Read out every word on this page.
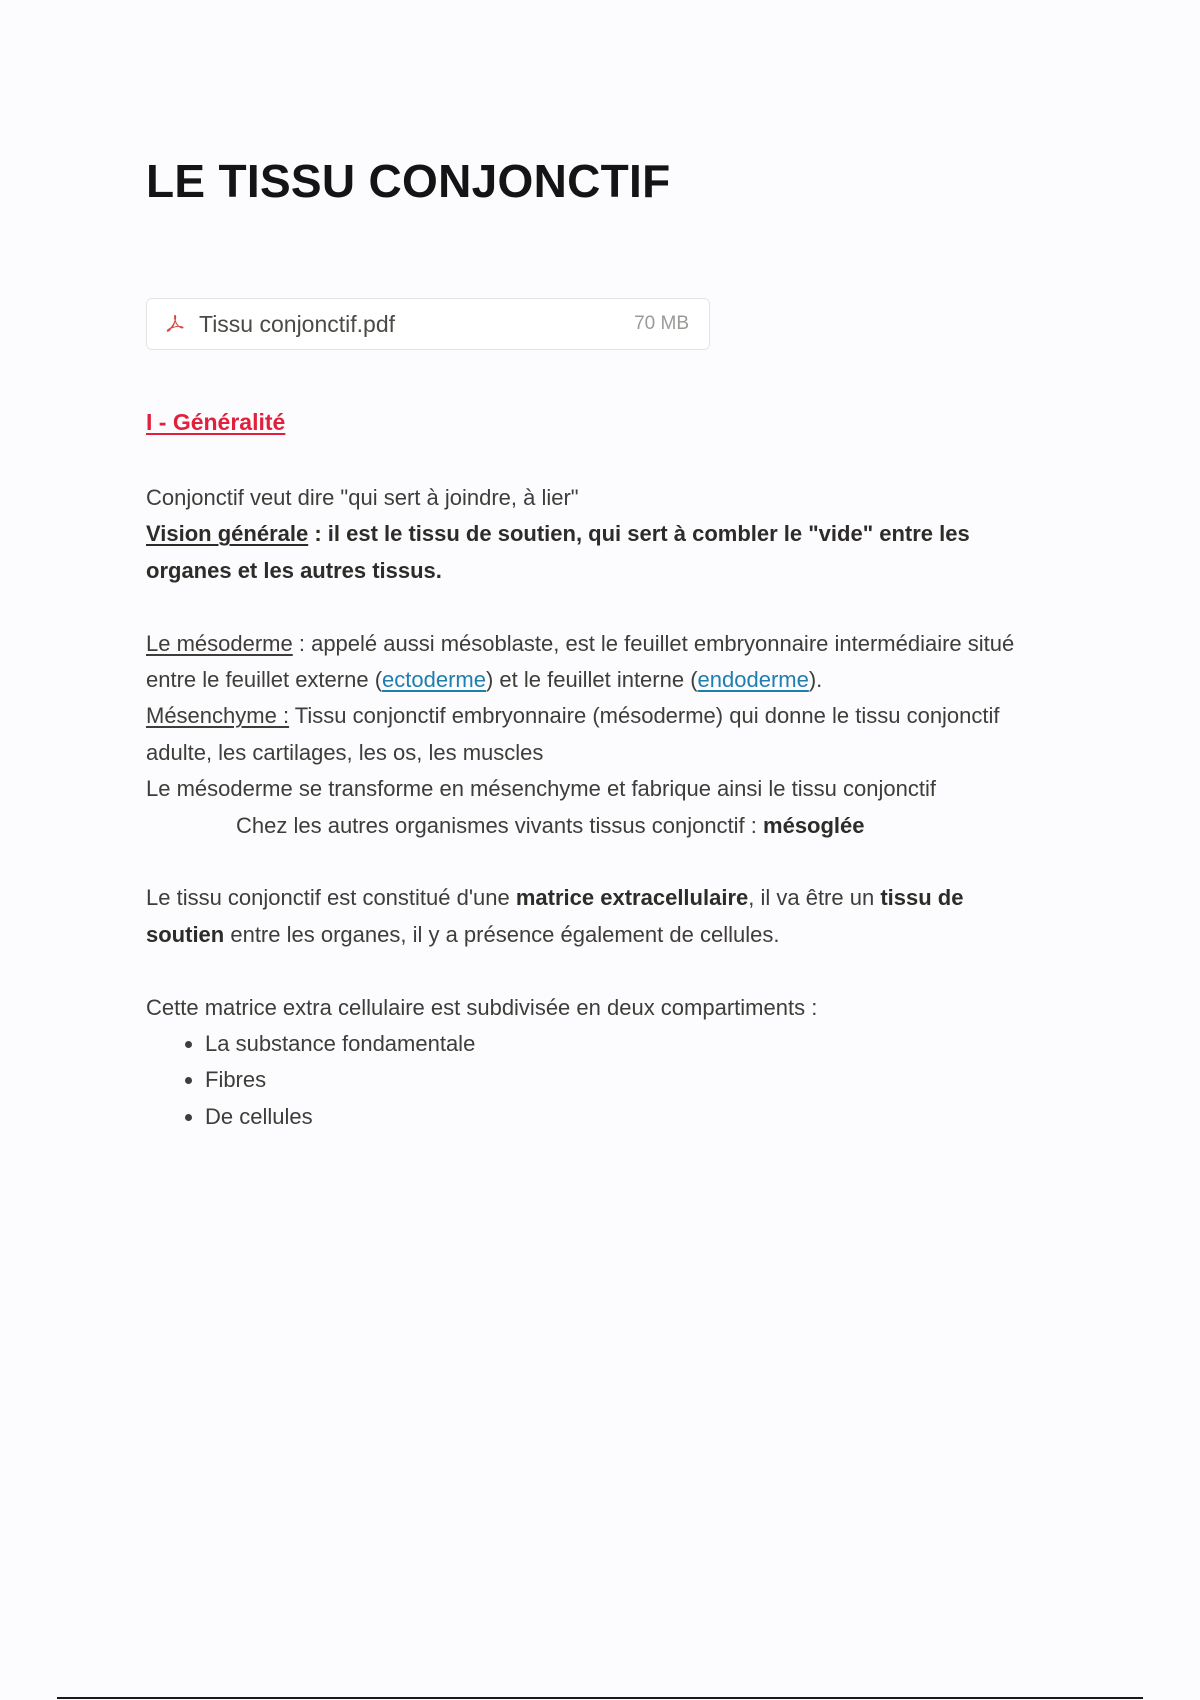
LE TISSU CONJONCTIF
Tissu conjonctif.pdf	70 MB
I - Généralité

Conjonctif veut dire "qui sert à joindre, à lier"

Vision générale : il est le tissu de soutien, qui sert à combler le "vide" entre les organes et les autres tissus.

Le mésoderme : appelé aussi mésoblaste, est le feuillet embryonnaire intermédiaire situé entre le feuillet externe (ectoderme) et le feuillet interne (endoderme).

Mésenchyme : Tissu conjonctif embryonnaire (mésoderme) qui donne le tissu conjonctif adulte, les cartilages, les os, les muscles

Le mésoderme se transforme en mésenchyme et fabrique ainsi le tissu conjonctif

Chez les autres organismes vivants tissus conjonctif : mésoglée

Le tissu conjonctif est constitué d'une matrice extracellulaire, il va être un tissu de soutien entre les organes, il y a présence également de cellules.

Cette matrice extra cellulaire est subdivisée en deux compartiments :

• La substance fondamentale
• Fibres
• De cellules
